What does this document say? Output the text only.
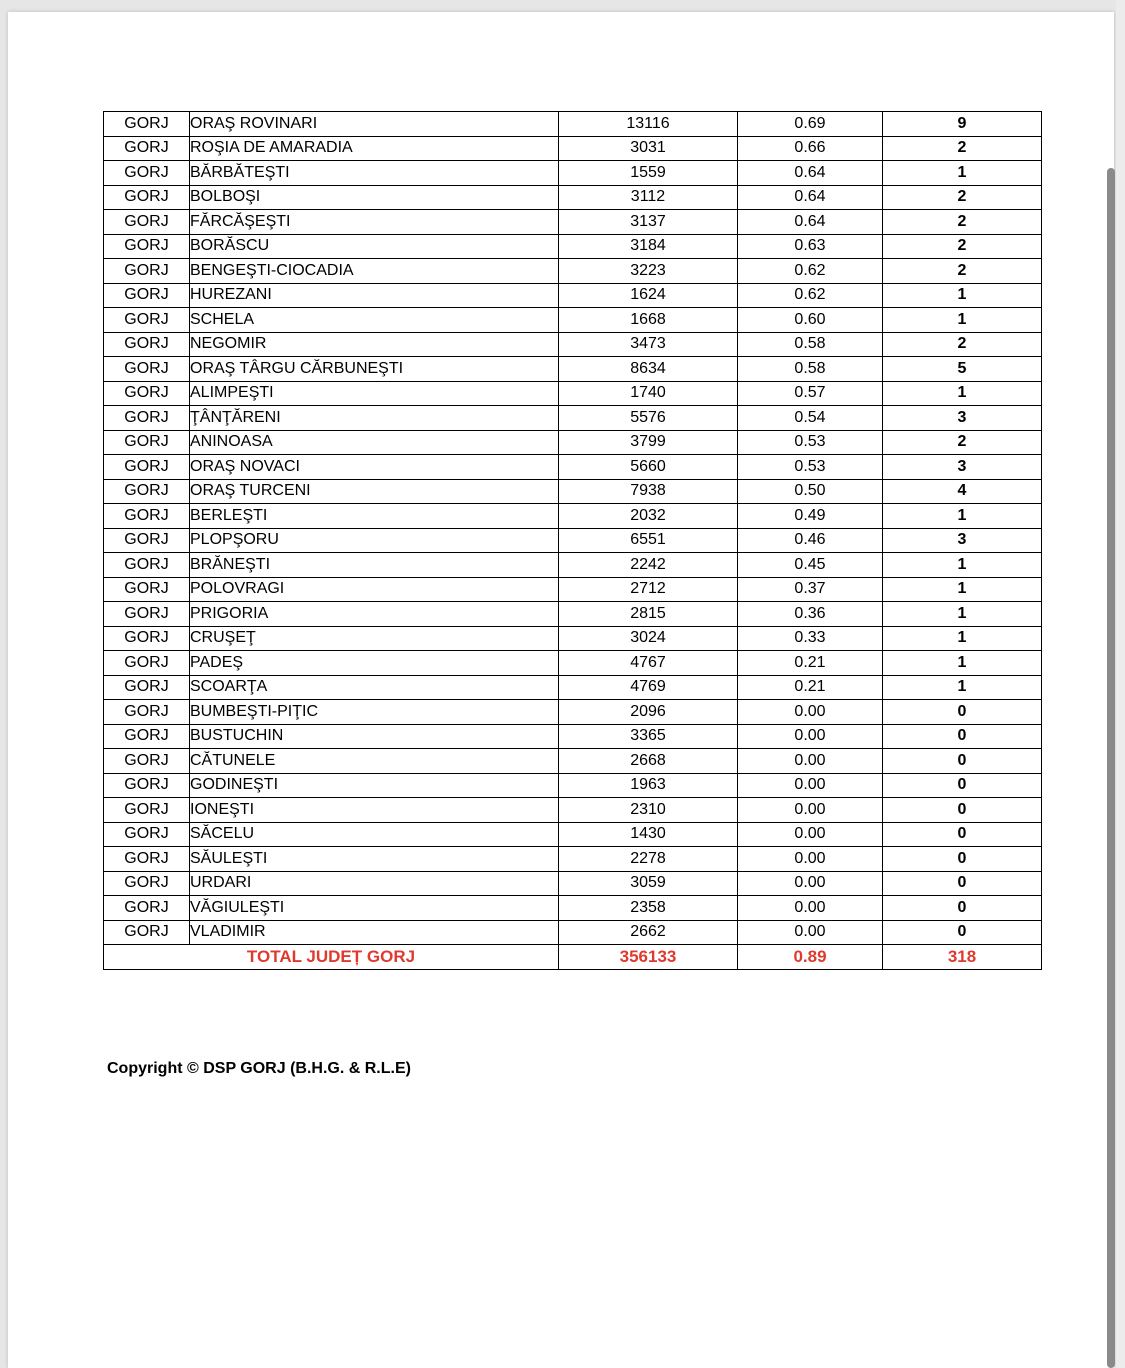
GORJ	ORAŞ ROVINARI	13116	0.69	9
GORJ	ROŞIA DE AMARADIA	3031	0.66	2
GORJ	BĂRBĂTEŞTI	1559	0.64	1
GORJ	BOLBOŞI	3112	0.64	2
GORJ	FĂRCĂŞEŞTI	3137	0.64	2
GORJ	BORĂSCU	3184	0.63	2
GORJ	BENGEŞTI-CIOCADIA	3223	0.62	2
GORJ	HUREZANI	1624	0.62	1
GORJ	SCHELA	1668	0.60	1
GORJ	NEGOMIR	3473	0.58	2
GORJ	ORAŞ TÂRGU CĂRBUNEŞTI	8634	0.58	5
GORJ	ALIMPEŞTI	1740	0.57	1
GORJ	ŢÂNŢĂRENI	5576	0.54	3
GORJ	ANINOASA	3799	0.53	2
GORJ	ORAŞ NOVACI	5660	0.53	3
GORJ	ORAŞ TURCENI	7938	0.50	4
GORJ	BERLEŞTI	2032	0.49	1
GORJ	PLOPŞORU	6551	0.46	3
GORJ	BRĂNEŞTI	2242	0.45	1
GORJ	POLOVRAGI	2712	0.37	1
GORJ	PRIGORIA	2815	0.36	1
GORJ	CRUŞEŢ	3024	0.33	1
GORJ	PADEŞ	4767	0.21	1
GORJ	SCOARŢA	4769	0.21	1
GORJ	BUMBEŞTI-PIŢIC	2096	0.00	0
GORJ	BUSTUCHIN	3365	0.00	0
GORJ	CĂTUNELE	2668	0.00	0
GORJ	GODINEŞTI	1963	0.00	0
GORJ	IONEŞTI	2310	0.00	0
GORJ	SĂCELU	1430	0.00	0
GORJ	SĂULEŞTI	2278	0.00	0
GORJ	URDARI	3059	0.00	0
GORJ	VĂGIULEŞTI	2358	0.00	0
GORJ	VLADIMIR	2662	0.00	0
TOTAL JUDEȚ GORJ		356133	0.89	318
Copyright © DSP GORJ (B.H.G. & R.L.E)
